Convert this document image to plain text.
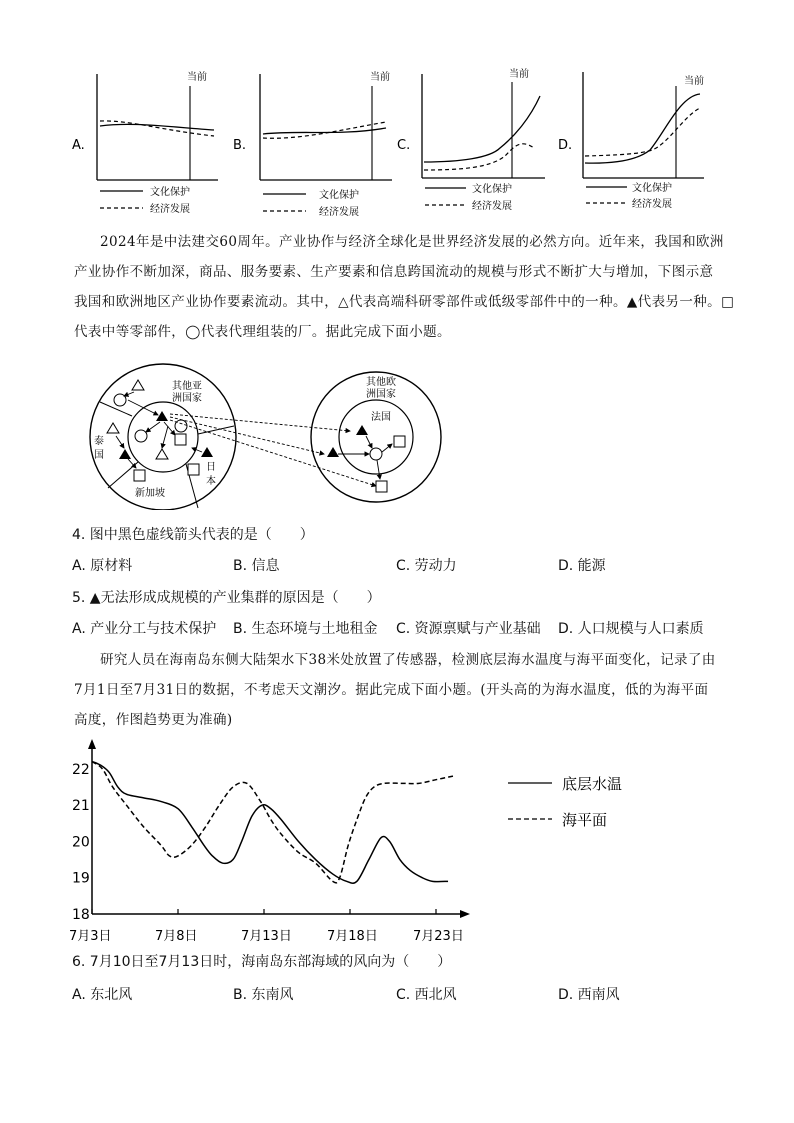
A.
当前
文化保护
经济发展
B.
当前
文化保护
经济发展
C.
当前
文化保护
经济发展
D.
当前
文化保护
经济发展

2024年是中法建交60周年。产业协作与经济全球化是世界经济发展的必然方向。近年来，我国和欧洲

产业协作不断加深，商品、服务要素、生产要素和信息跨国流动的规模与形式不断扩大与增加，下图示意

我国和欧洲地区产业协作要素流动。其中，△代表高端科研零部件或低级零部件中的一种。▲代表另一种。□

代表中等零部件，◯代表代理组装的厂。据此完成下面小题。

其他亚
洲国家
泰
国
新加坡
日
本
其他欧
洲国家
法国
4. 图中黑色虚线箭头代表的是（　　）
A. 原材料	B. 信息	C. 劳动力	D. 能源
5. ▲无法形成成规模的产业集群的原因是（　　）
A. 产业分工与技术保护 B. 生态环境与土地租金 C. 资源禀赋与产业基础 D. 人口规模与人口素质

研究人员在海南岛东侧大陆架水下38米处放置了传感器，检测底层海水温度与海平面变化，记录了由

7月1日至7月31日的数据，不考虑天文潮汐。据此完成下面小题。(开头高的为海水温度，低的为海平面

高度，作图趋势更为准确)

18
19
20
21
22
7月3日	7月8日	7月13日	7月18日	7月23日
底层水温
海平面
6. 7月10日至7月13日时，海南岛东部海域的风向为（　　）
A. 东北风	B. 东南风	C. 西北风	D. 西南风
